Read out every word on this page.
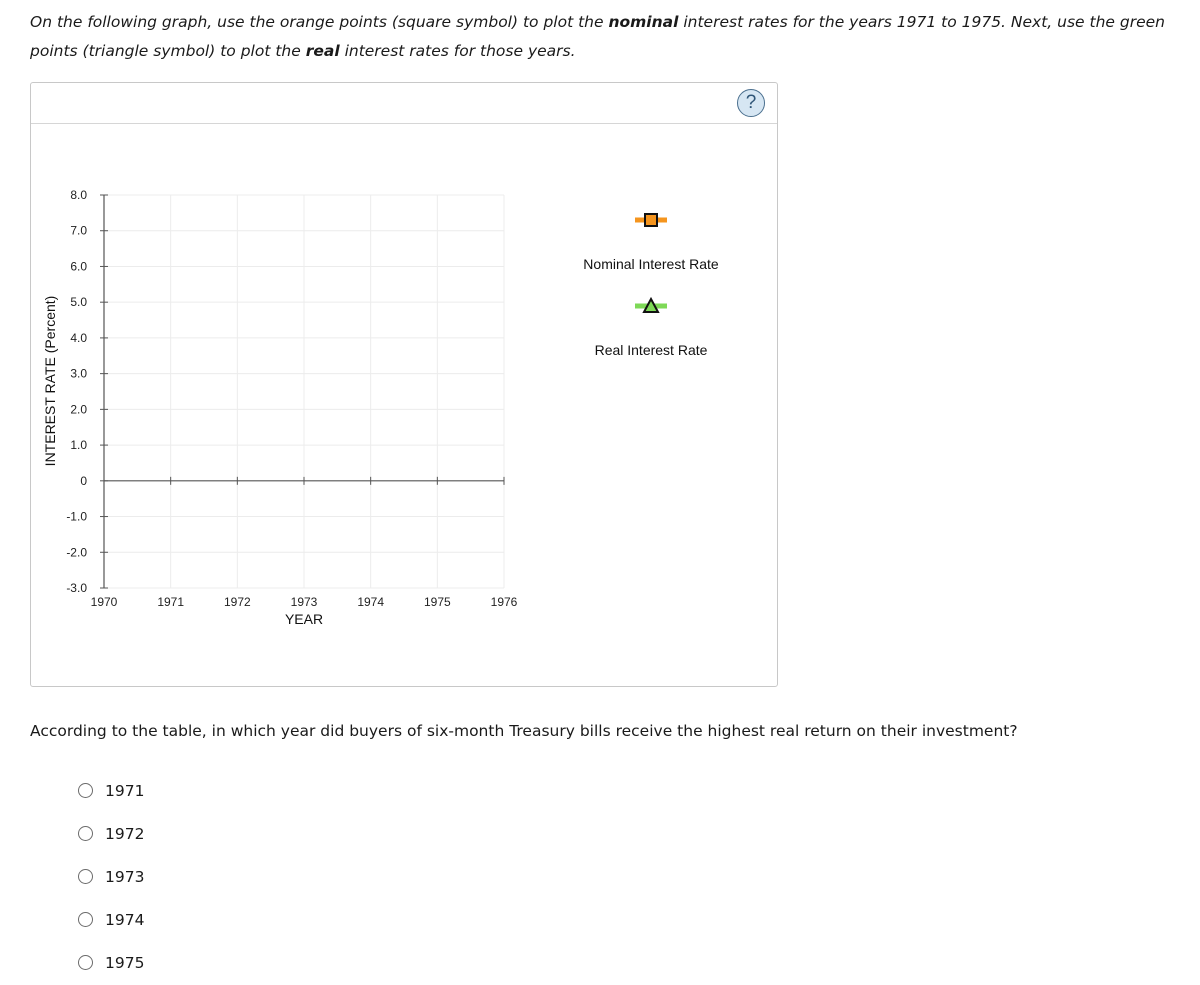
On the following graph, use the orange points (square symbol) to plot the nominal interest rates for the years 1971 to 1975. Next, use the green points (triangle symbol) to plot the real interest rates for those years.

?
8.0
7.0
6.0
5.0
4.0
3.0
2.0
1.0
0
-1.0
-2.0
-3.0
1970	1971	1972	1973	1974	1975	1976
YEAR
INTEREST RATE (Percent)
Nominal Interest Rate
Real Interest Rate

According to the table, in which year did buyers of six-month Treasury bills receive the highest real return on their investment?

1971
1972
1973
1974
1975
